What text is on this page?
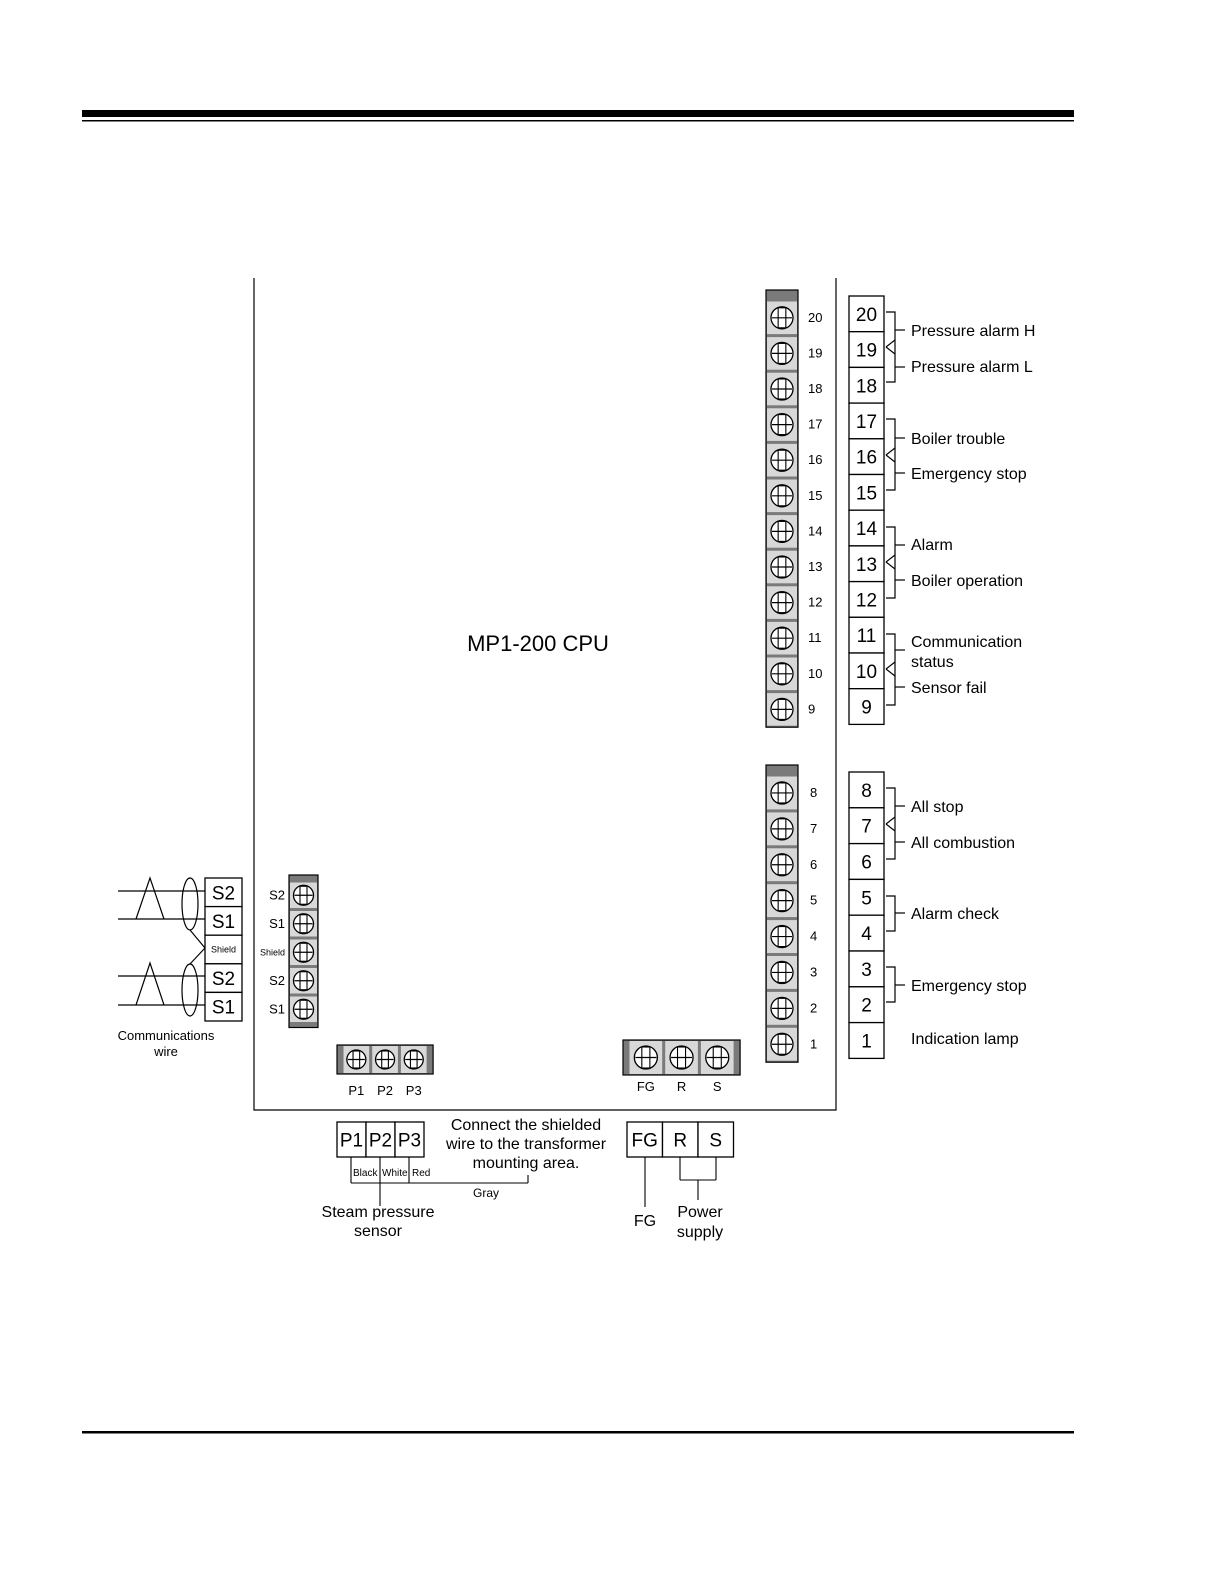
MP1-200 CPU
20
19
18
17
16
15
14
13
12
11
10
9
8
7
6
5
4
3
2
1
S2
S1
Shield
S2
S1
P1 P2 P3	FG R S
20
19
18
17
16
15
14
13
12
11
10
9
8
7
6
5
4
3
2
1
Pressure alarm H
Pressure alarm L
Boiler trouble
Emergency stop
Alarm
Boiler operation
Communication
status
Sensor fail
All stop
All combustion
Alarm check
Emergency stop
Indication lamp
S2
S1
Shield
S2
S1
Communications
wire
P1 P2 P3
Black White Red
Gray
Connect the shielded
wire to the transformer
mounting area.
Steam pressure
sensor
FG R S
FG
Power
supply
